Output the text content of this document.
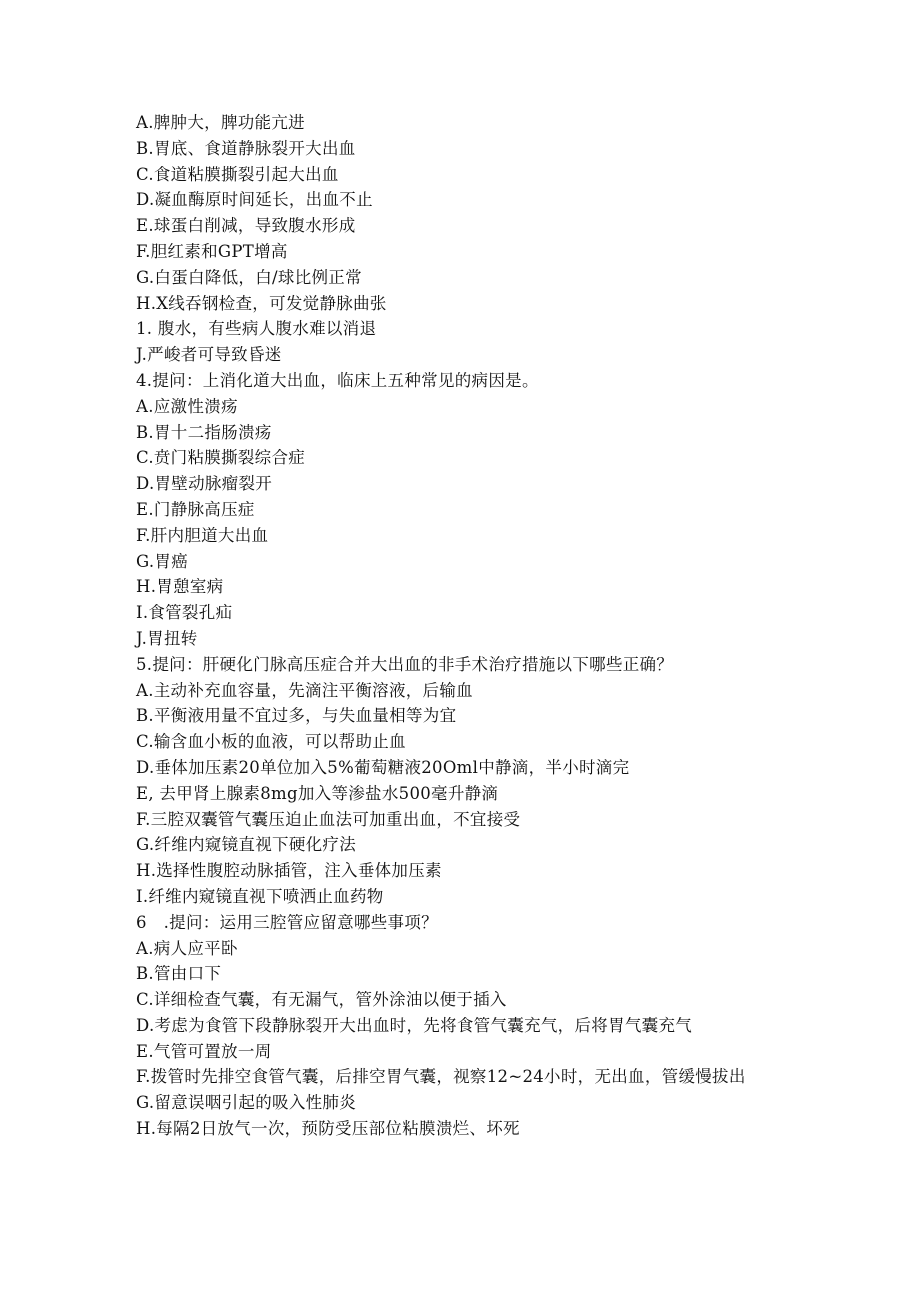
A.脾肿大，脾功能亢进
B.胃底、食道静脉裂开大出血
C.食道粘膜撕裂引起大出血
D.凝血酶原时间延长，出血不止
E.球蛋白削减，导致腹水形成
F.胆红素和GPT增高
G.白蛋白降低，白/球比例正常
H.X线吞钢检查，可发觉静脉曲张
1. 腹水，有些病人腹水难以消退
J.严峻者可导致昏迷
4.提问：上消化道大出血，临床上五种常见的病因是。
A.应激性溃疡
B.胃十二指肠溃疡
C.贲门粘膜撕裂综合症
D.胃壁动脉瘤裂开
E.门静脉高压症
F.肝内胆道大出血
G.胃癌
H.胃憩室病
I.食管裂孔疝
J.胃扭转
5.提问：肝硬化门脉高压症合并大出血的非手术治疗措施以下哪些正确？
A.主动补充血容量，先滴注平衡溶液，后输血
B.平衡液用量不宜过多，与失血量相等为宜
C.输含血小板的血液，可以帮助止血
D.垂体加压素20单位加入5%葡萄糖液20Oml中静滴，半小时滴完
E, 去甲肾上腺素8mg加入等渗盐水500毫升静滴
F.三腔双囊管气囊压迫止血法可加重出血，不宜接受
G.纤维内窥镜直视下硬化疗法
H.选择性腹腔动脉插管，注入垂体加压素
I.纤维内窥镜直视下喷洒止血药物
6　.提问：运用三腔管应留意哪些事项？
A.病人应平卧
B.管由口下
C.详细检查气囊，有无漏气，管外涂油以便于插入
D.考虑为食管下段静脉裂开大出血时，先将食管气囊充气，后将胃气囊充气
E.气管可置放一周
F.拨管时先排空食管气囊，后排空胃气囊，视察12~24小时，无出血，管缓慢拔出
G.留意误咽引起的吸入性肺炎
H.每隔2日放气一次，预防受压部位粘膜溃烂、坏死
